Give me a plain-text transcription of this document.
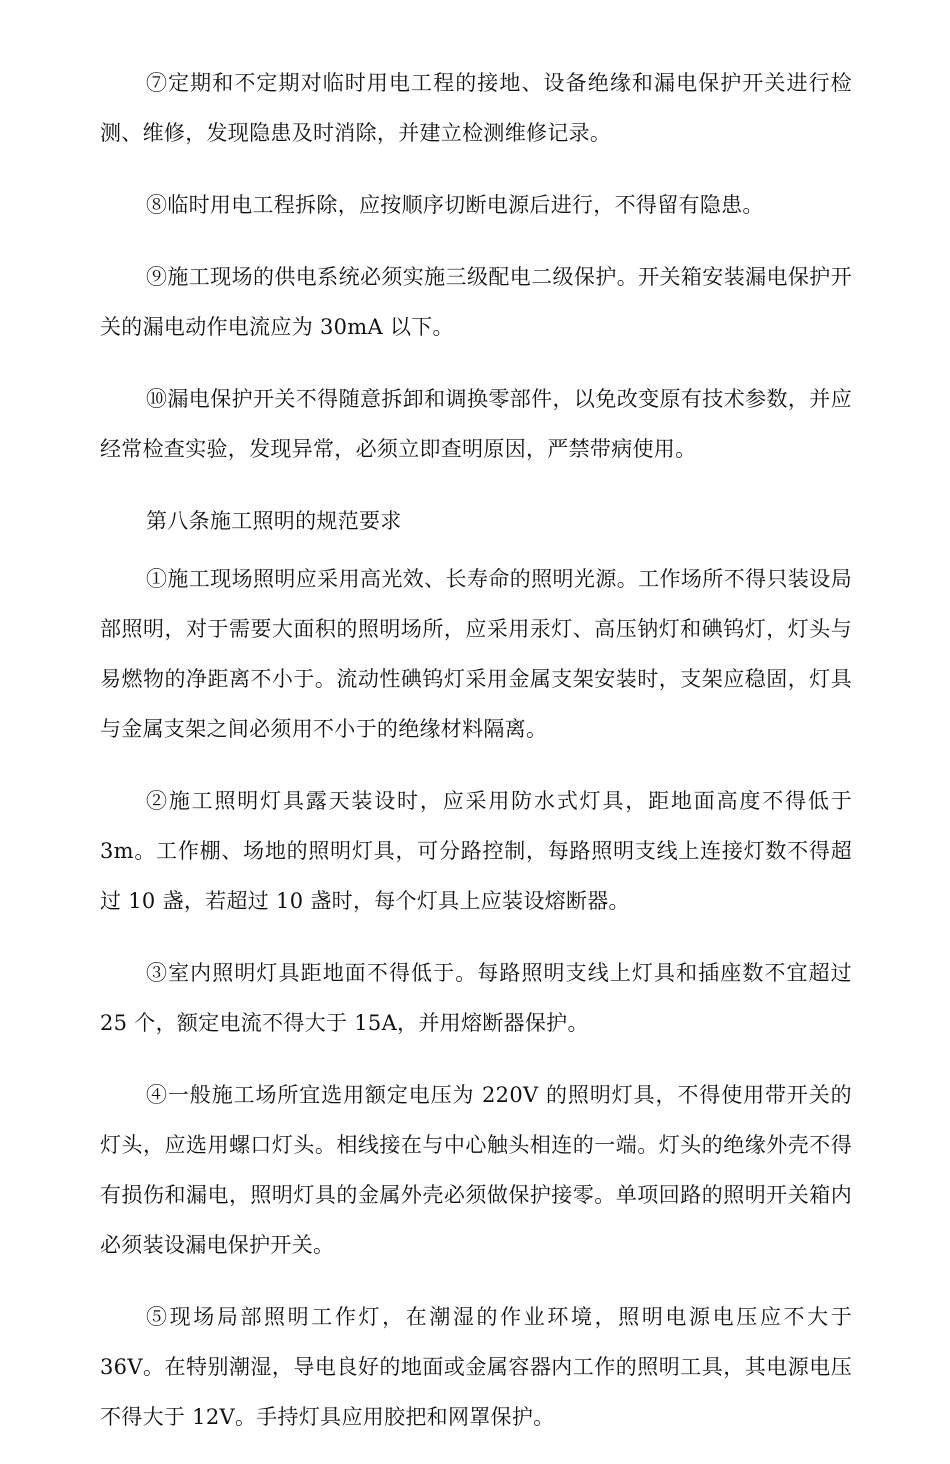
⑦定期和不定期对临时用电工程的接地、设备绝缘和漏电保护开关进行检测、维修，发现隐患及时消除，并建立检测维修记录。

⑧临时用电工程拆除，应按顺序切断电源后进行，不得留有隐患。

⑨施工现场的供电系统必须实施三级配电二级保护。开关箱安装漏电保护开关的漏电动作电流应为 30mA 以下。

⑩漏电保护开关不得随意拆卸和调换零部件，以免改变原有技术参数，并应经常检查实验，发现异常，必须立即查明原因，严禁带病使用。

第八条施工照明的规范要求

①施工现场照明应采用高光效、长寿命的照明光源。工作场所不得只装设局部照明，对于需要大面积的照明场所，应采用汞灯、高压钠灯和碘钨灯，灯头与易燃物的净距离不小于。流动性碘钨灯采用金属支架安装时，支架应稳固，灯具与金属支架之间必须用不小于的绝缘材料隔离。

②施工照明灯具露天装设时，应采用防水式灯具，距地面高度不得低于3m。工作棚、场地的照明灯具，可分路控制，每路照明支线上连接灯数不得超过 10 盏，若超过 10 盏时，每个灯具上应装设熔断器。

③室内照明灯具距地面不得低于。每路照明支线上灯具和插座数不宜超过 25 个，额定电流不得大于 15A，并用熔断器保护。

④一般施工场所宜选用额定电压为 220V 的照明灯具，不得使用带开关的灯头，应选用螺口灯头。相线接在与中心触头相连的一端。灯头的绝缘外壳不得有损伤和漏电，照明灯具的金属外壳必须做保护接零。单项回路的照明开关箱内必须装设漏电保护开关。

⑤现场局部照明工作灯，在潮湿的作业环境，照明电源电压应不大于 36V。在特别潮湿，导电良好的地面或金属容器内工作的照明工具，其电源电压不得大于 12V。手持灯具应用胶把和网罩保护。
